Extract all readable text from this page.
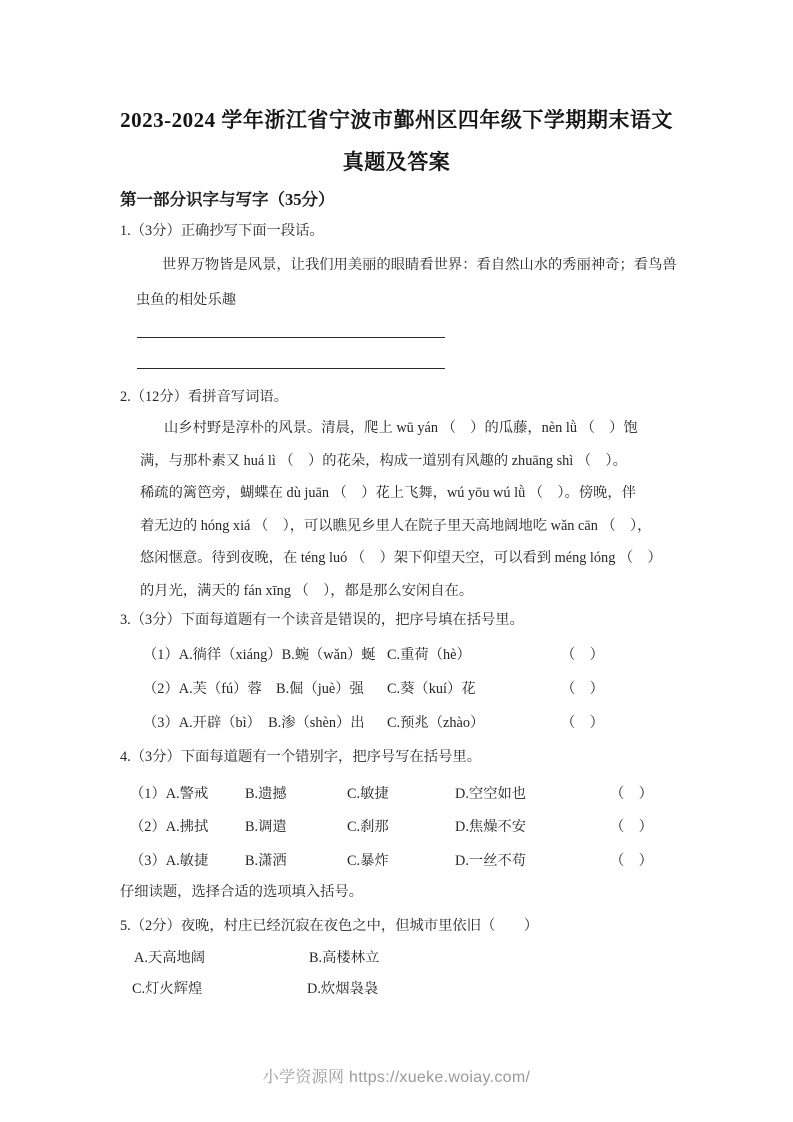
2023-2024 学年浙江省宁波市鄞州区四年级下学期期末语文
真题及答案
第一部分识字与写字（35分）
1.（3分）正确抄写下面一段话。
世界万物皆是风景，让我们用美丽的眼睛看世界：看自然山水的秀丽神奇；看鸟兽
虫鱼的相处乐趣
2.（12分）看拼音写词语。
山乡村野是淳朴的风景。清晨，爬上 wū yán （　）的瓜藤，nèn lǜ （　）饱
满，与那朴素又 huá lì （　）的花朵，构成一道别有风趣的 zhuāng shì （　）。
稀疏的篱笆旁，蝴蝶在 dù juān （　）花上飞舞，wú yōu wú lǜ （　）。傍晚，伴
着无边的 hóng xiá （　），可以瞧见乡里人在院子里天高地阔地吃 wǎn cān （　），
悠闲惬意。待到夜晚，在 téng luó （　）架下仰望天空，可以看到 méng lóng （　）
的月光，满天的 fán xīng （　），都是那么安闲自在。
3.（3分）下面每道题有一个读音是错误的，把序号填在括号里。
（1）A.徜徉（xiáng）B.蜿（wǎn）蜒 C.重荷（hè）	（　）
（2）A.芙（fú）蓉　B.倔（juè）强 C.葵（kuí）花	（　）
（3）A.开辟（bì）　B.渗（shèn）出 C.预兆（zhào）	（　）
4.（3分）下面每道题有一个错别字，把序号写在括号里。
（1）A.警戒	B.遗撼	C.敏捷	D.空空如也	（　）
（2）A.拂拭	B.调遣	C.刹那	D.焦燥不安	（　）
（3）A.敏捷	B.潇洒	C.暴炸	D.一丝不苟	（　）
仔细读题，选择合适的选项填入括号。
5.（2分）夜晚，村庄已经沉寂在夜色之中，但城市里依旧（　　）
A.天高地阔	B.高楼林立
C.灯火辉煌	D.炊烟袅袅
小学资源网 https://xueke.woiay.com/
